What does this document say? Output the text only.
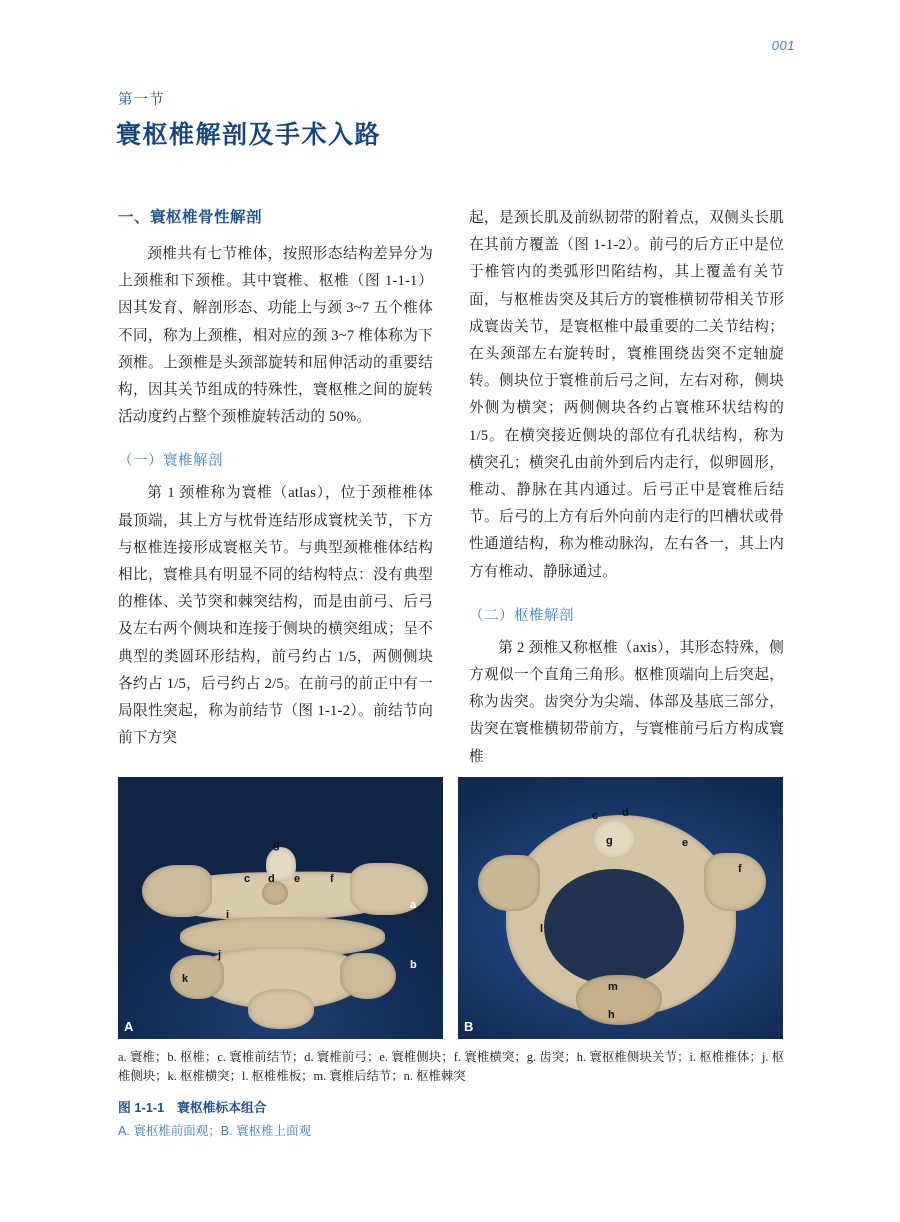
001
第一节
寰枢椎解剖及手术入路
一、寰枢椎骨性解剖

颈椎共有七节椎体，按照形态结构差异分为上颈椎和下颈椎。其中寰椎、枢椎（图 1-1-1）因其发育、解剖形态、功能上与颈 3~7 五个椎体不同，称为上颈椎，相对应的颈 3~7 椎体称为下颈椎。上颈椎是头颈部旋转和屈伸活动的重要结构，因其关节组成的特殊性，寰枢椎之间的旋转活动度约占整个颈椎旋转活动的 50%。

（一）寰椎解剖

第 1 颈椎称为寰椎（atlas），位于颈椎椎体最顶端，其上方与枕骨连结形成寰枕关节，下方与枢椎连接形成寰枢关节。与典型颈椎椎体结构相比，寰椎具有明显不同的结构特点：没有典型的椎体、关节突和棘突结构，而是由前弓、后弓及左右两个侧块和连接于侧块的横突组成；呈不典型的类圆环形结构，前弓约占 1/5，两侧侧块各约占 1/5，后弓约占 2/5。在前弓的前正中有一局限性突起，称为前结节（图 1-1-2）。前结节向前下方突

起，是颈长肌及前纵韧带的附着点，双侧头长肌在其前方覆盖（图 1-1-2）。前弓的后方正中是位于椎管内的类弧形凹陷结构，其上覆盖有关节面，与枢椎齿突及其后方的寰椎横韧带相关节形成寰齿关节，是寰枢椎中最重要的二关节结构；在头颈部左右旋转时，寰椎围绕齿突不定轴旋转。侧块位于寰椎前后弓之间，左右对称，侧块外侧为横突；两侧侧块各约占寰椎环状结构的 1/5。在横突接近侧块的部位有孔状结构，称为横突孔；横突孔由前外到后内走行，似卵圆形，椎动、静脉在其内通过。后弓正中是寰椎后结节。后弓的上方有后外向前内走行的凹槽状或骨性通道结构，称为椎动脉沟，左右各一，其上内方有椎动、静脉通过。

（二）枢椎解剖

第 2 颈椎又称枢椎（axis），其形态特殊，侧方观似一个直角三角形。枢椎顶端向上后突起，称为齿突。齿突分为尖端、体部及基底三部分，齿突在寰椎横韧带前方，与寰椎前弓后方构成寰椎

g
c d e	f
a
b
i
j
k
A
c d
g	e
f
l
m
h
B
a. 寰椎；b. 枢椎；c. 寰椎前结节；d. 寰椎前弓；e. 寰椎侧块；f. 寰椎横突；g. 齿突；h. 寰枢椎侧块关节；i. 枢椎椎体；j. 枢椎侧块；k. 枢椎横突；l. 枢椎椎板；m. 寰椎后结节；n. 枢椎棘突
图 1-1-1　寰枢椎标本组合
A. 寰枢椎前面观；B. 寰枢椎上面观
